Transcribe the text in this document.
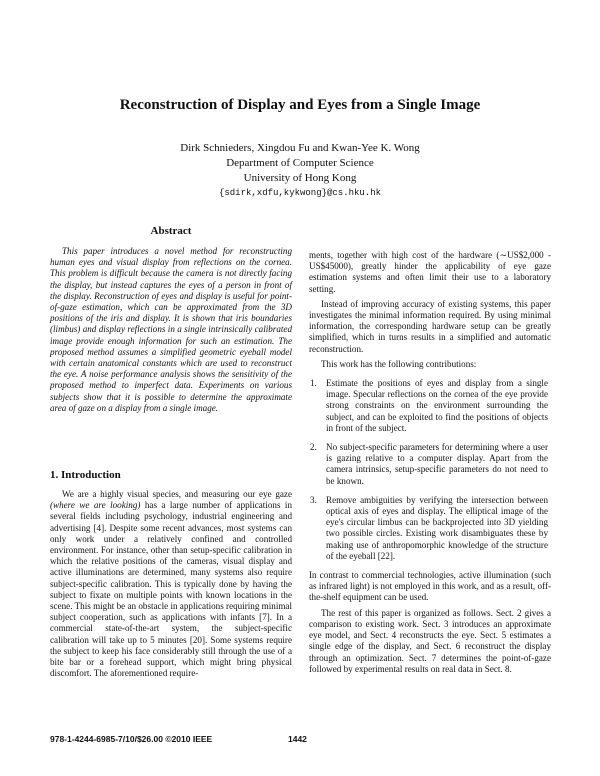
Reconstruction of Display and Eyes from a Single Image
Dirk Schnieders, Xingdou Fu and Kwan-Yee K. Wong
Department of Computer Science
University of Hong Kong
{sdirk,xdfu,kykwong}@cs.hku.hk
Abstract

This paper introduces a novel method for reconstructing human eyes and visual display from reflections on the cornea. This problem is difficult because the camera is not directly facing the display, but instead captures the eyes of a person in front of the display. Reconstruction of eyes and display is useful for point-of-gaze estimation, which can be approximated from the 3D positions of the iris and display. It is shown that iris boundaries (limbus) and display reflections in a single intrinsically calibrated image provide enough information for such an estimation. The proposed method assumes a simplified geometric eyeball model with certain anatomical constants which are used to reconstruct the eye. A noise performance analysis shows the sensitivity of the proposed method to imperfect data. Experiments on various subjects show that it is possible to determine the approximate area of gaze on a display from a single image.

1. Introduction

We are a highly visual species, and measuring our eye gaze (where we are looking) has a large number of applications in several fields including psychology, industrial engineering and advertising [4]. Despite some recent advances, most systems can only work under a relatively confined and controlled environment. For instance, other than setup-specific calibration in which the relative positions of the cameras, visual display and active illuminations are determined, many systems also require subject-specific calibration. This is typically done by having the subject to fixate on multiple points with known locations in the scene. This might be an obstacle in applications requiring minimal subject cooperation, such as applications with infants [7]. In a commercial state-of-the-art system, the subject-specific calibration will take up to 5 minutes [20]. Some systems require the subject to keep his face considerably still through the use of a bite bar or a forehead support, which might bring physical discomfort. The aforementioned require-

ments, together with high cost of the hardware (∼US$2,000 - US$45000), greatly hinder the applicability of eye gaze estimation systems and often limit their use to a laboratory setting.

Instead of improving accuracy of existing systems, this paper investigates the minimal information required. By using minimal information, the corresponding hardware setup can be greatly simplified, which in turns results in a simplified and automatic reconstruction.

This work has the following contributions:

1. Estimate the positions of eyes and display from a single image. Specular reflections on the cornea of the eye provide strong constraints on the environment surrounding the subject, and can be exploited to find the positions of objects in front of the subject.
2. No subject-specific parameters for determining where a user is gazing relative to a computer display. Apart from the camera intrinsics, setup-specific parameters do not need to be known.
3. Remove ambiguities by verifying the intersection between optical axis of eyes and display. The elliptical image of the eye's circular limbus can be backprojected into 3D yielding two possible circles. Existing work disambiguates these by making use of anthropomorphic knowledge of the structure of the eyeball [22].

In contrast to commercial technologies, active illumination (such as infrared light) is not employed in this work, and as a result, off-the-shelf equipment can be used.

The rest of this paper is organized as follows. Sect. 2 gives a comparison to existing work. Sect. 3 introduces an approximate eye model, and Sect. 4 reconstructs the eye. Sect. 5 estimates a single edge of the display, and Sect. 6 reconstruct the display through an optimization. Sect. 7 determines the point-of-gaze followed by experimental results on real data in Sect. 8.

978-1-4244-6985-7/10/$26.00 ©2010 IEEE	1442
